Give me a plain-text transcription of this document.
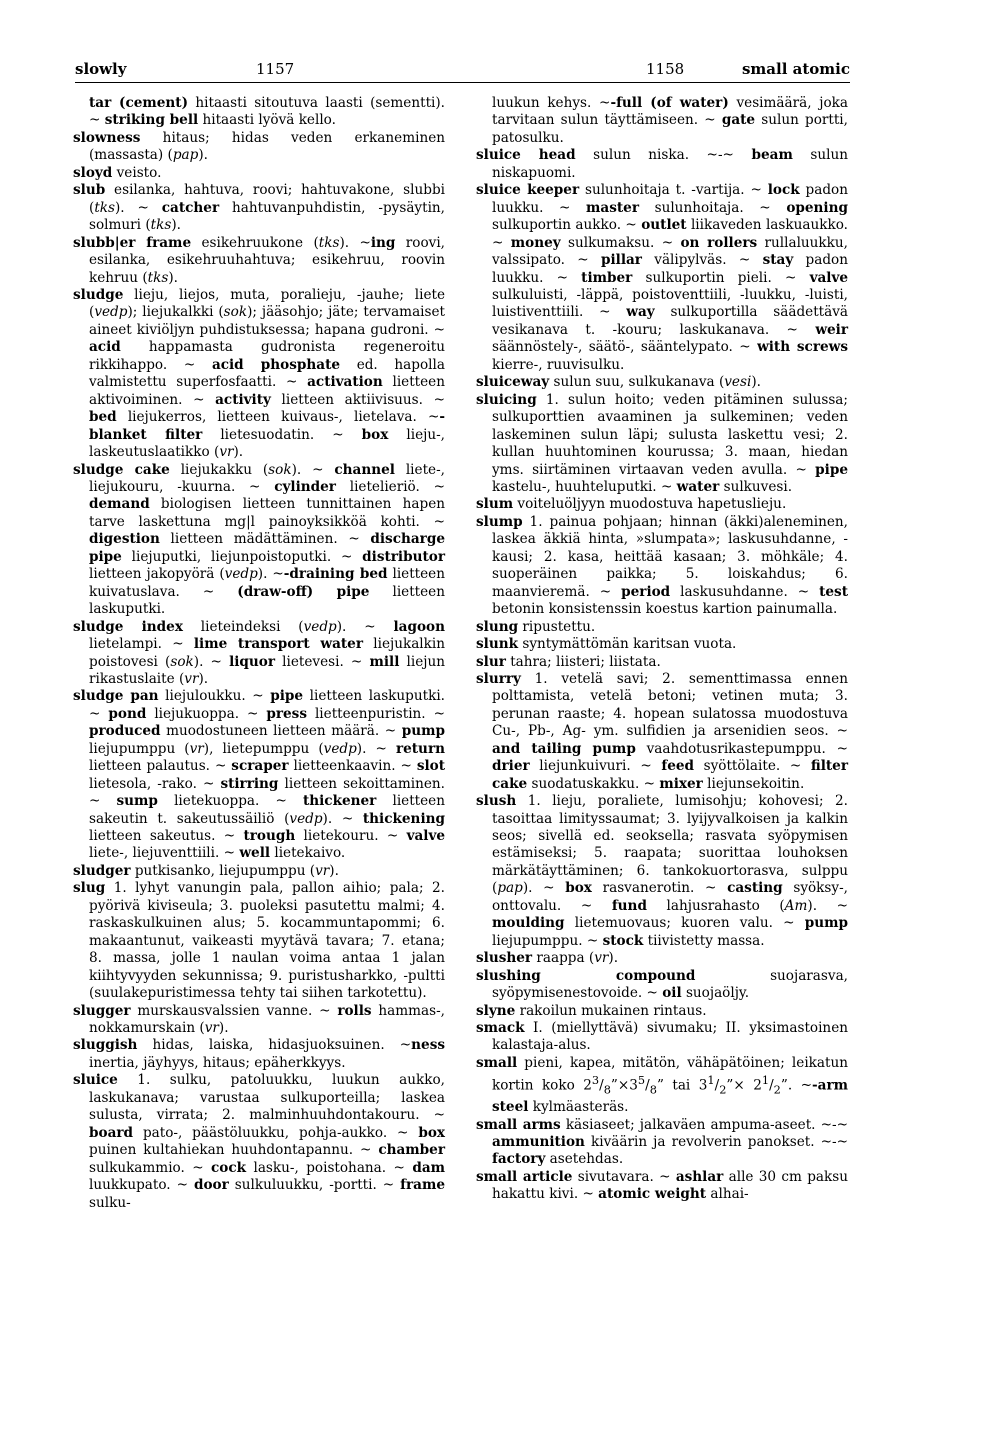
slowly	1157	1158	small atomic

tar (cement) hitaasti sitoutuva laasti (sementti). ~ striking bell hitaasti lyövä kello.

slowness hitaus; hidas veden erkaneminen (massasta) (pap).

sloyd veisto.

slub esilanka, hahtuva, roovi; hahtuvakone, slubbi (tks). ~ catcher hahtuvanpuhdistin, -pysäytin, solmuri (tks).

slubb|er frame esikehruukone (tks). ~ing roovi, esilanka, esikehruuhahtuva; esikehruu, roovin kehruu (tks).

sludge lieju, liejos, muta, poralieju, -jauhe; liete (vedp); liejukalkki (sok); jääsohjo; jäte; tervamaiset aineet kiviöljyn puhdistuksessa; hapana gudroni. ~ acid happamasta gudronista regeneroitu rikkihappo. ~ acid phosphate ed. hapolla valmistettu superfosfaatti. ~ activation lietteen aktivoiminen. ~ activity lietteen aktiivisuus. ~ bed liejukerros, lietteen kuivaus-, lietelava. ~-blanket filter lietesuodatin. ~ box lieju-, laskeutuslaatikko (vr).

sludge cake liejukakku (sok). ~ channel liete-, liejukouru, -kuurna. ~ cylinder lietelieriö. ~ demand biologisen lietteen tunnittainen hapen tarve laskettuna mg|l painoyksikköä kohti. ~ digestion lietteen mädättäminen. ~ discharge pipe liejuputki, liejunpoistoputki. ~ distributor lietteen jakopyörä (vedp). ~-draining bed lietteen kuivatuslava. ~ (draw-off) pipe lietteen laskuputki.

sludge index lieteindeksi (vedp). ~ lagoon lietelampi. ~ lime transport water liejukalkin poistovesi (sok). ~ liquor lietevesi. ~ mill liejun rikastuslaite (vr).

sludge pan liejuloukku. ~ pipe lietteen laskuputki. ~ pond liejukuoppa. ~ press lietteenpuristin. ~ produced muodostuneen lietteen määrä. ~ pump liejupumppu (vr), lietepumppu (vedp). ~ return lietteen palautus. ~ scraper lietteenkaavin. ~ slot lietesola, -rako. ~ stirring lietteen sekoittaminen. ~ sump lietekuoppa. ~ thickener lietteen sakeutin t. sakeutussäiliö (vedp). ~ thickening lietteen sakeutus. ~ trough lietekouru. ~ valve liete-, liejuventtiili. ~ well lietekaivo.

sludger putkisanko, liejupumppu (vr).

slug 1. lyhyt vanungin pala, pallon aihio; pala; 2. pyörivä kiviseula; 3. puoleksi pasutettu malmi; 4. raskaskulkuinen alus; 5. kocammuntapommi; 6. makaantunut, vaikeasti myytävä tavara; 7. etana; 8. massa, jolle 1 naulan voima antaa 1 jalan kiihtyvyyden sekunnissa; 9. puristusharkko, -pultti (suulakepuristimessa tehty tai siihen tarkotettu).

slugger murskausvalssien vanne. ~ rolls hammas-, nokkamurskain (vr).

sluggish hidas, laiska, hidasjuoksuinen. ~ness inertia, jäyhyys, hitaus; epäherkkyys.

sluice 1. sulku, patoluukku, luukun aukko, laskukanava; varustaa sulkuporteilla; laskea sulusta, virrata; 2. malminhuuhdontakouru. ~ board pato-, päästöluukku, pohja-aukko. ~ box puinen kultahiekan huuhdontapannu. ~ chamber sulkukammio. ~ cock lasku-, poistohana. ~ dam luukkupato. ~ door sulkuluukku, -portti. ~ frame sulku-

luukun kehys. ~-full (of water) vesimäärä, joka tarvitaan sulun täyttämiseen. ~ gate sulun portti, patosulku.

sluice head sulun niska. ~-~ beam sulun niskapuomi.

sluice keeper sulunhoitaja t. -vartija. ~ lock padon luukku. ~ master sulunhoitaja. ~ opening sulkuportin aukko. ~ outlet liikaveden laskuaukko. ~ money sulkumaksu. ~ on rollers rullaluukku, valssipato. ~ pillar välipylväs. ~ stay padon luukku. ~ timber sulkuportin pieli. ~ valve sulkuluisti, -läppä, poistoventtiili, -luukku, -luisti, luistiventtiili. ~ way sulkuportilla säädettävä vesikanava t. -kouru; laskukanava. ~ weir säännöstely-, säätö-, sääntelypato. ~ with screws kierre-, ruuvisulku.

sluiceway sulun suu, sulkukanava (vesi).

sluicing 1. sulun hoito; veden pitäminen sulussa; sulkuporttien avaaminen ja sulkeminen; veden laskeminen sulun läpi; sulusta laskettu vesi; 2. kullan huuhtominen kourussa; 3. maan, hiedan yms. siirtäminen virtaavan veden avulla. ~ pipe kastelu-, huuhteluputki. ~ water sulkuvesi.

slum voiteluöljyyn muodostuva hapetuslieju.

slump 1. painua pohjaan; hinnan (äkki)aleneminen, laskea äkkiä hinta, »slumpata»; laskusuhdanne, -kausi; 2. kasa, heittää kasaan; 3. möhkäle; 4. suoperäinen paikka; 5. loiskahdus; 6. maanvieremä. ~ period laskusuhdanne. ~ test betonin konsistenssin koestus kartion painumalla.

slung ripustettu.

slunk syntymättömän karitsan vuota.

slur tahra; liisteri; liistata.

slurry 1. vetelä savi; 2. sementtimassa ennen polttamista, vetelä betoni; vetinen muta; 3. perunan raaste; 4. hopean sulatossa muodostuva Cu-, Pb-, Ag- ym. sulfidien ja arsenidien seos. ~ and tailing pump vaahdotusrikastepumppu. ~ drier liejunkuivuri. ~ feed syöttölaite. ~ filter cake suodatuskakku. ~ mixer liejunsekoitin.

slush 1. lieju, poraliete, lumisohju; kohovesi; 2. tasoittaa limityssaumat; 3. lyijyvalkoisen ja kalkin seos; sivellä ed. seoksella; rasvata syöpymisen estämiseksi; 5. raapata; suorittaa louhoksen märkätäyttäminen; 6. tankokuortorasva, sulppu (pap). ~ box rasvanerotin. ~ casting syöksy-, onttovalu. ~ fund lahjusrahasto (Am). ~ moulding lietemuovaus; kuoren valu. ~ pump liejupumppu. ~ stock tiivistetty massa.

slusher raappa (vr).

slushing compound suojarasva, syöpymisenestovoide. ~ oil suojaöljy.

slyne rakoilun mukainen rintaus.

smack I. (miellyttävä) sivumaku; II. yksimastoinen kalastaja-alus.

small pieni, kapea, mitätön, vähäpätöinen; leikatun kortin koko $2^3/_8”\times 3^5/_8$” tai $3^1/_2”\times 2^1/_2$”. ~-arm steel kylmäasteräs.

small arms käsiaseet; jalkaväen ampuma-aseet. ~-~ ammunition kiväärin ja revolverin panokset. ~-~ factory asetehdas.

small article sivutavara. ~ ashlar alle 30 cm paksu hakattu kivi. ~ atomic weight alhai-
